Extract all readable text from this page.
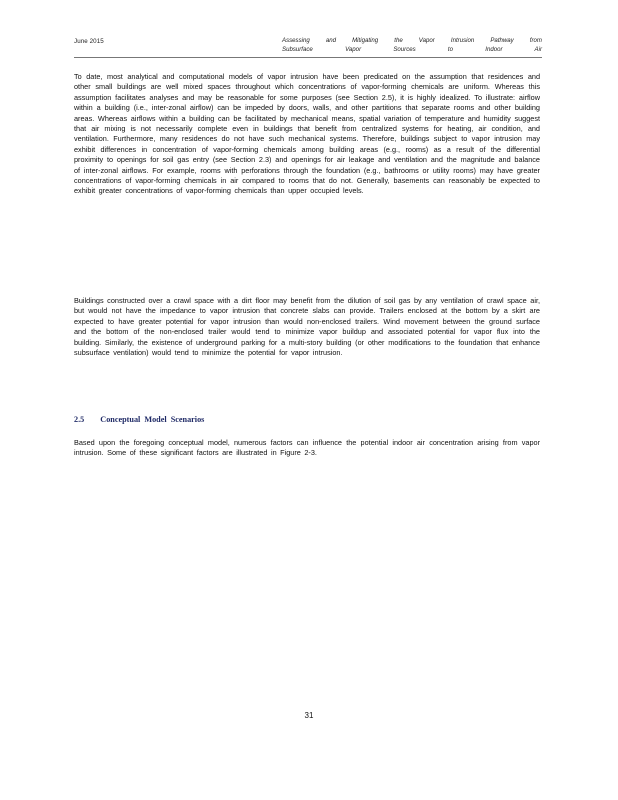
June 2015	Assessing and Mitigating the Vapor Intrusion Pathway from
Subsurface Vapor Sources to Indoor Air

To date, most analytical and computational models of vapor intrusion have been predicated on the assumption that residences and other small buildings are well mixed spaces throughout which concentrations of vapor-forming chemicals are uniform. Whereas this assumption facilitates analyses and may be reasonable for some purposes (see Section 2.5), it is highly idealized. To illustrate: airflow within a building (i.e., inter-zonal airflow) can be impeded by doors, walls, and other partitions that separate rooms and other building areas. Whereas airflows within a building can be facilitated by mechanical means, spatial variation of temperature and humidity suggest that air mixing is not necessarily complete even in buildings that benefit from centralized systems for heating, air condition, and ventilation. Furthermore, many residences do not have such mechanical systems. Therefore, buildings subject to vapor intrusion may exhibit differences in concentration of vapor-forming chemicals among building areas (e.g., rooms) as a result of the differential proximity to openings for soil gas entry (see Section 2.3) and openings for air leakage and ventilation and the magnitude and balance of inter-zonal airflows. For example, rooms with perforations through the foundation (e.g., bathrooms or utility rooms) may have greater concentrations of vapor-forming chemicals in air compared to rooms that do not. Generally, basements can reasonably be expected to exhibit greater concentrations of vapor-forming chemicals than upper occupied levels.

Buildings constructed over a crawl space with a dirt floor may benefit from the dilution of soil gas by any ventilation of crawl space air, but would not have the impedance to vapor intrusion that concrete slabs can provide. Trailers enclosed at the bottom by a skirt are expected to have greater potential for vapor intrusion than would non-enclosed trailers. Wind movement between the ground surface and the bottom of the non-enclosed trailer would tend to minimize vapor buildup and associated potential for vapor flux into the building. Similarly, the existence of underground parking for a multi-story building (or other modifications to the foundation that enhance subsurface ventilation) would tend to minimize the potential for vapor intrusion.

2.5 Conceptual Model Scenarios

Based upon the foregoing conceptual model, numerous factors can influence the potential indoor air concentration arising from vapor intrusion. Some of these significant factors are illustrated in Figure 2-3.

31
